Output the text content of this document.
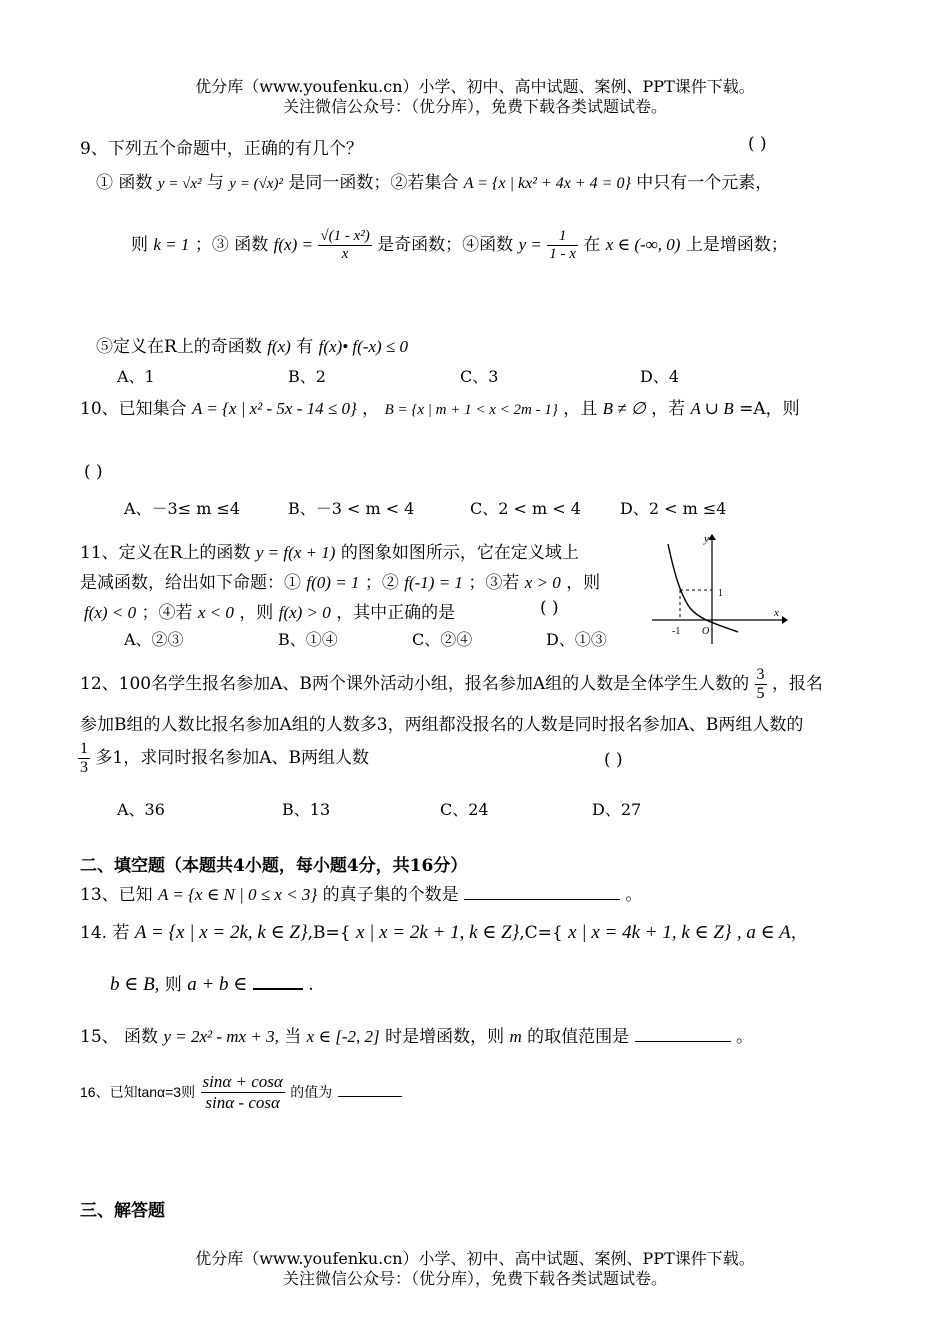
优分库（www.youfenku.cn）小学、初中、高中试题、案例、PPT课件下载。
关注微信公众号：（优分库），免费下载各类试题试卷。
9、下列五个命题中，正确的有几个？	( )
① 函数 y = √x² 与 y = (√x)² 是同一函数；②若集合 A = {x | kx² + 4x + 4 = 0} 中只有一个元素，
则 k = 1 ；③ 函数 $f(x) = \frac{\text{√(1 - x²)}}{x}$ 是奇函数；④函数 $y = \frac{1}{1 - x}$ 在 x ∈ (-∞, 0) 上是增函数；
⑤定义在R上的奇函数 f(x) 有 f(x)• f(-x) ≤ 0
A、1	B、2	C、3	D、4
10、已知集合 A = {x | x² - 5x - 14 ≤ 0} ， B = {x | m + 1 < x < 2m - 1} ，且 B ≠ ∅ ，若 A ∪ B =A，则
( )
A、－3≤ m ≤4	B、－3 < m < 4	C、2 < m < 4 D、2 < m ≤4
11、定义在R上的函数 y = f(x + 1) 的图象如图所示，它在定义域上
是减函数，给出如下命题：① f(0) = 1 ；② f(-1) = 1 ；③若 x > 0 ，则
f(x) < 0 ；④若 x < 0 ，则 f(x) > 0 ，其中正确的是	( )
A、②③	B、①④	C、②④	D、①③
y
x
1
-1 O
12、100名学生报名参加A、B两个课外活动小组，报名参加A组的人数是全体学生人数的 $\frac{3}{5}$ ，报名
参加B组的人数比报名参加A组的人数多3，两组都没报名的人数是同时报名参加A、B两组人数的
$\frac{1}{3}$ 多1，求同时报名参加A、B两组人数	( )
A、36	B、13	C、24	D、27
二、填空题（本题共4小题，每小题4分，共16分）
13、已知 A = {x ∈ N | 0 ≤ x < 3} 的真子集的个数是	。
14. 若 A = {x | x = 2k, k ∈ Z},B={ x | x = 2k + 1, k ∈ Z},C={ x | x = 4k + 1, k ∈ Z} , a ∈ A，
b ∈ B, 则 a + b ∈	.
15、 函数 y = 2x² - mx + 3, 当 x ∈ [-2, 2] 时是增函数，则 m 的取值范围是	。
16、已知tanα=3则 $\frac{\sin\alpha + \cos\alpha}{\sin\alpha - \cos\alpha}$ 的值为
三、解答题
优分库（www.youfenku.cn）小学、初中、高中试题、案例、PPT课件下载。
关注微信公众号：（优分库），免费下载各类试题试卷。
